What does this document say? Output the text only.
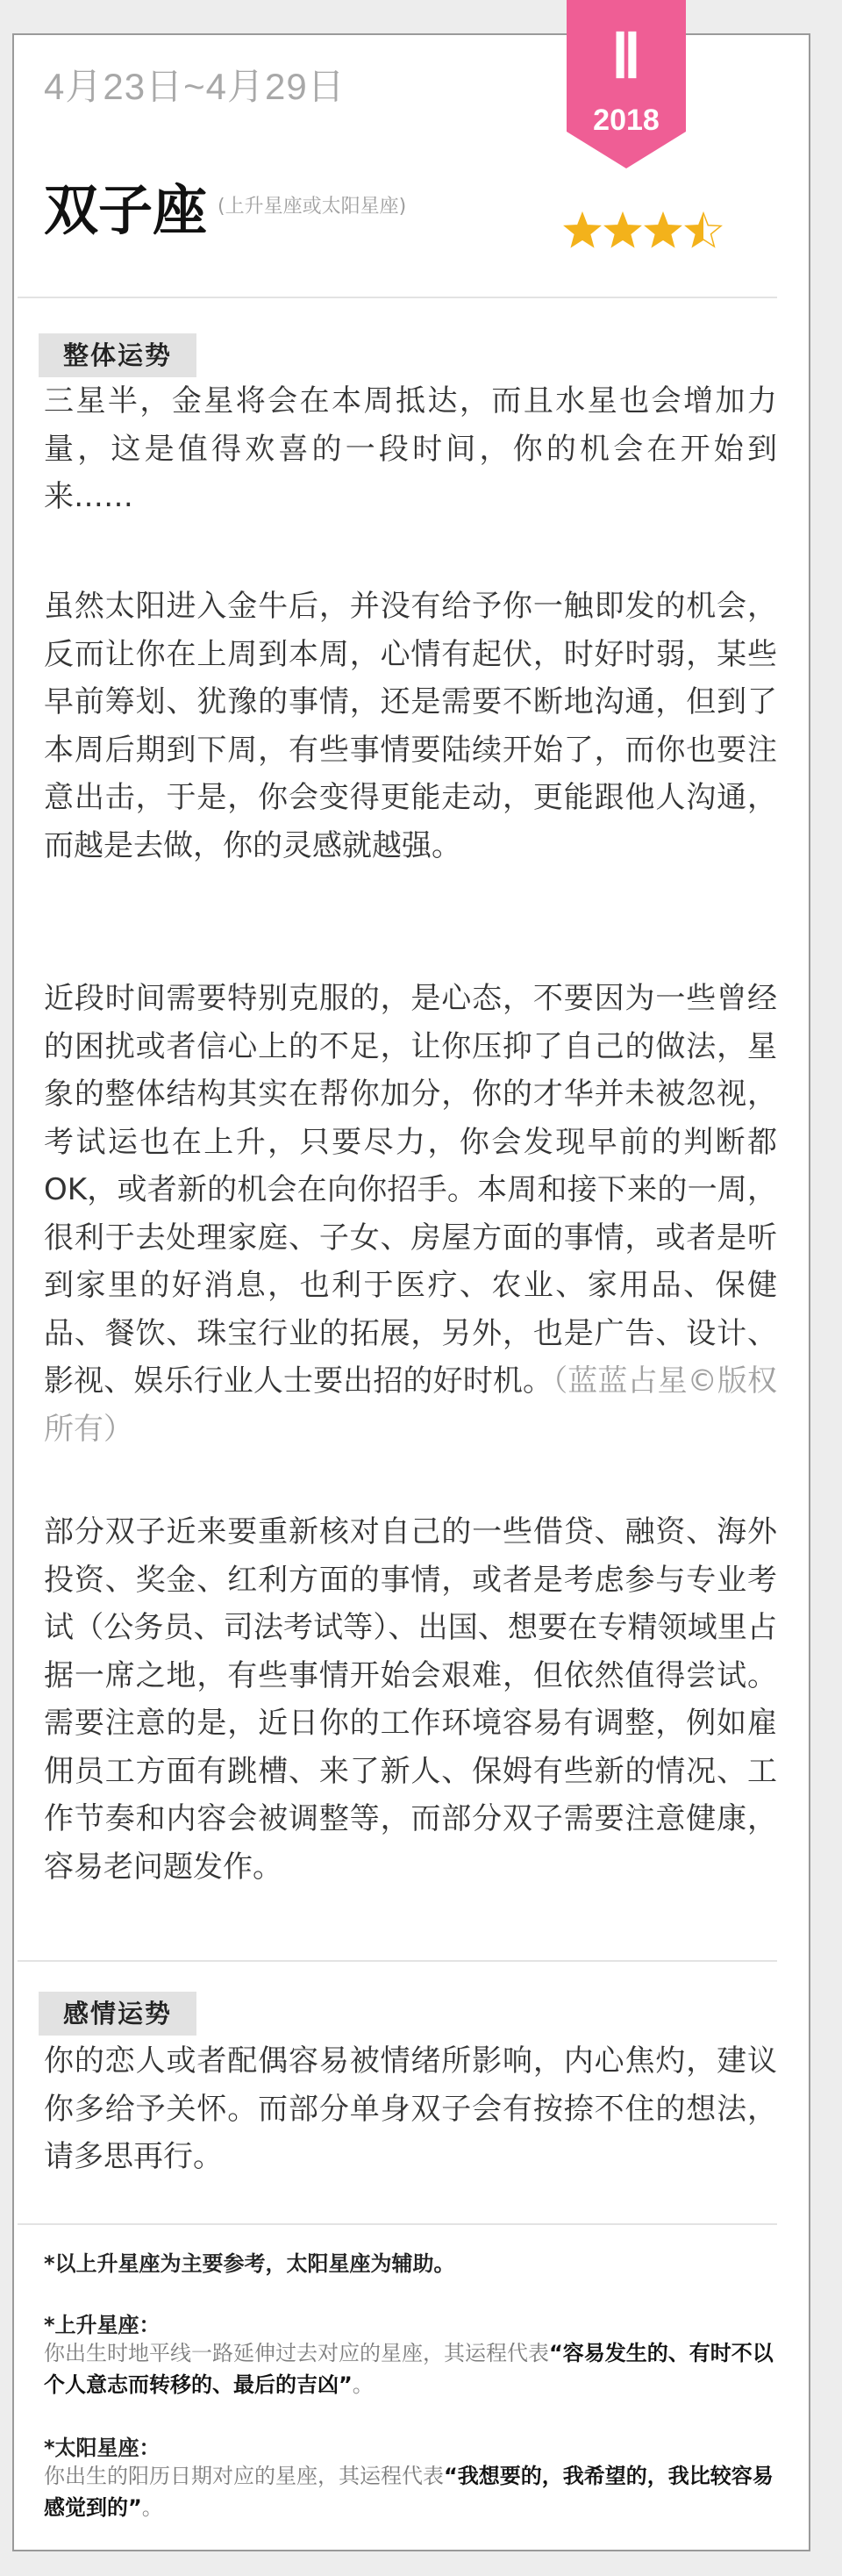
Ⅱ
2018
4月23日~4月29日
双子座 (上升星座或太阳星座)
整体运势

三星半，金星将会在本周抵达，而且水星也会增加力量，这是值得欢喜的一段时间，你的机会在开始到来……

虽然太阳进入金牛后，并没有给予你一触即发的机会，反而让你在上周到本周，心情有起伏，时好时弱，某些早前筹划、犹豫的事情，还是需要不断地沟通，但到了本周后期到下周，有些事情要陆续开始了，而你也要注意出击，于是，你会变得更能走动，更能跟他人沟通，而越是去做，你的灵感就越强。

近段时间需要特别克服的，是心态，不要因为一些曾经的困扰或者信心上的不足，让你压抑了自己的做法，星象的整体结构其实在帮你加分，你的才华并未被忽视，考试运也在上升，只要尽力，你会发现早前的判断都OK，或者新的机会在向你招手。本周和接下来的一周，很利于去处理家庭、子女、房屋方面的事情，或者是听到家里的好消息，也利于医疗、农业、家用品、保健品、餐饮、珠宝行业的拓展，另外，也是广告、设计、影视、娱乐行业人士要出招的好时机。（蓝蓝占星©版权所有）

部分双子近来要重新核对自己的一些借贷、融资、海外投资、奖金、红利方面的事情，或者是考虑参与专业考试（公务员、司法考试等）、出国、想要在专精领域里占据一席之地，有些事情开始会艰难，但依然值得尝试。需要注意的是，近日你的工作环境容易有调整，例如雇佣员工方面有跳槽、来了新人、保姆有些新的情况、工作节奏和内容会被调整等，而部分双子需要注意健康，容易老问题发作。

感情运势

你的恋人或者配偶容易被情绪所影响，内心焦灼，建议你多给予关怀。而部分单身双子会有按捺不住的想法，请多思再行。

*以上升星座为主要参考，太阳星座为辅助。
*上升星座：

你出生时地平线一路延伸过去对应的星座，其运程代表“容易发生的、有时不以个人意志而转移的、最后的吉凶”。

*太阳星座：

你出生的阳历日期对应的星座，其运程代表“我想要的，我希望的，我比较容易感觉到的”。
